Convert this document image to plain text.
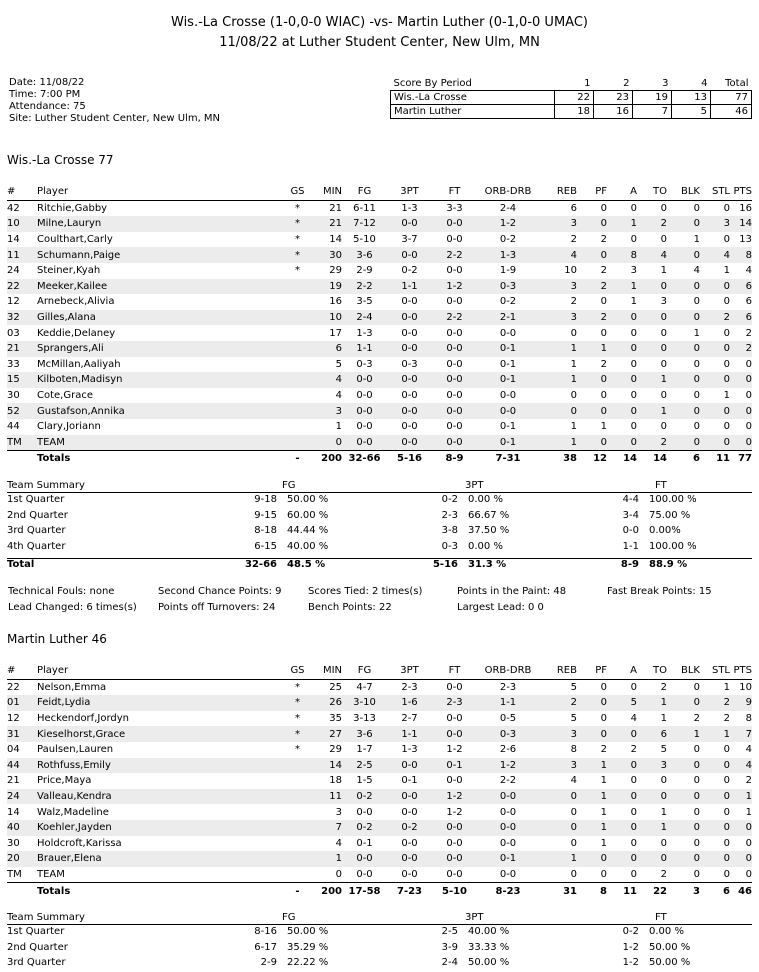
Wis.-La Crosse (1-0,0-0 WIAC) -vs- Martin Luther (0-1,0-0 UMAC)
11/08/22 at Luther Student Center, New Ulm, MN
Date: 11/08/22
Time: 7:00 PM
Attendance: 75
Site: Luther Student Center, New Ulm, MN
Score By Period	1	2	3	4	Total
Wis.-La Crosse	22	23	19	13	77
Martin Luther	18	16	7	5	46
Wis.-La Crosse 77
#	Player	GS	MIN	FG	3PT	FT	ORB-DRB	REB	PF	A	TO	BLK	STL	PTS
42	Ritchie,Gabby	*	21	6-11	1-3	3-3	2-4	6	0	0	0	0	0	16
10	Milne,Lauryn	*	21	7-12	0-0	0-0	1-2	3	0	1	2	0	3	14
14	Coulthart,Carly	*	14	5-10	3-7	0-0	0-2	2	2	0	0	1	0	13
11	Schumann,Paige	*	30	3-6	0-0	2-2	1-3	4	0	8	4	0	4	8
24	Steiner,Kyah	*	29	2-9	0-2	0-0	1-9	10	2	3	1	4	1	4
22	Meeker,Kailee		19	2-2	1-1	1-2	0-3	3	2	1	0	0	0	6
12	Arnebeck,Alivia		16	3-5	0-0	0-0	0-2	2	0	1	3	0	0	6
32	Gilles,Alana		10	2-4	0-0	2-2	2-1	3	2	0	0	0	2	6
03	Keddie,Delaney		17	1-3	0-0	0-0	0-0	0	0	0	0	1	0	2
21	Sprangers,Ali		6	1-1	0-0	0-0	0-1	1	1	0	0	0	0	2
33	McMillan,Aaliyah		5	0-3	0-3	0-0	0-1	1	2	0	0	0	0	0
15	Kilboten,Madisyn		4	0-0	0-0	0-0	0-1	1	0	0	1	0	0	0
30	Cote,Grace		4	0-0	0-0	0-0	0-0	0	0	0	0	0	1	0
52	Gustafson,Annika		3	0-0	0-0	0-0	0-0	0	0	0	1	0	0	0
44	Clary,Jorian​n		1	0-0	0-0	0-0	0-1	1	1	0	0	0	0	0
TM	TEAM		0	0-0	0-0	0-0	0-1	1	0	0	2	0	0	0
	Totals	-	200	32-66	5-16	8-9	7-31	38	12	14	14	6	11	77
Team Summary	FG	3PT	FT
1st Quarter	9-18 50.00 %	0-2 0.00 %	4-4 100.00 %
2nd Quarter	9-15 60.00 %	2-3 66.67 %	3-4 75.00 %
3rd Quarter	8-18 44.44 %	3-8 37.50 %	0-0 0.00%
4th Quarter	6-15 40.00 %	0-3 0.00 %	1-1 100.00 %
Total	32-66 48.5 %	5-16 31.3 %	8-9 88.9 %
Technical Fouls: none	Second Chance Points: 9	Scores Tied: 2 times(s)	Points in the Paint: 48	Fast Break Points: 15
Lead Changed: 6 times(s) Points off Turnovers: 24	Bench Points: 22	Largest Lead: 0 0
Martin Luther 46
#	Player	GS	MIN	FG	3PT	FT	ORB-DRB	REB	PF	A	TO	BLK	STL	PTS
22	Nelson,Emma	*	25	4-7	2-3	0-0	2-3	5	0	0	2	0	1	10
01	Feidt,Lydia	*	26	3-10	1-6	2-3	1-1	2	0	5	1	0	2	9
12	Heckendorf,Jordyn	*	35	3-13	2-7	0-0	0-5	5	0	4	1	2	2	8
31	Kieselhorst,Grace	*	27	3-6	1-1	0-0	0-3	3	0	0	6	1	1	7
04	Paulsen,Lauren	*	29	1-7	1-3	1-2	2-6	8	2	2	5	0	0	4
44	Rothfuss,Emily		14	2-5	0-0	0-1	1-2	3	1	0	3	0	0	4
21	Price,Maya		18	1-5	0-1	0-0	2-2	4	1	0	0	0	0	2
24	Valleau,Kendra		11	0-2	0-0	1-2	0-0	0	1	0	0	0	0	1
14	Walz,Madeline		3	0-0	0-0	1-2	0-0	0	1	0	1	0	0	1
40	Koehler,Jayden		7	0-2	0-2	0-0	0-0	0	1	0	1	0	0	0
30	Holdcroft,Karissa		4	0-1	0-0	0-0	0-0	0	1	0	0	0	0	0
20	Brauer,Elena		1	0-0	0-0	0-0	0-1	1	0	0	0	0	0	0
TM	TEAM		0	0-0	0-0	0-0	0-0	0	0	0	2	0	0	0
	Totals	-	200	17-58	7-23	5-10	8-23	31	8	11	22	3	6	46
Team Summary	FG	3PT	FT
1st Quarter	8-16 50.00 %	2-5 40.00 %	0-2 0.00 %
2nd Quarter	6-17 35.29 %	3-9 33.33 %	1-2 50.00 %
3rd Quarter	2-9 22.22 %	2-4 50.00 %	1-2 50.00 %
